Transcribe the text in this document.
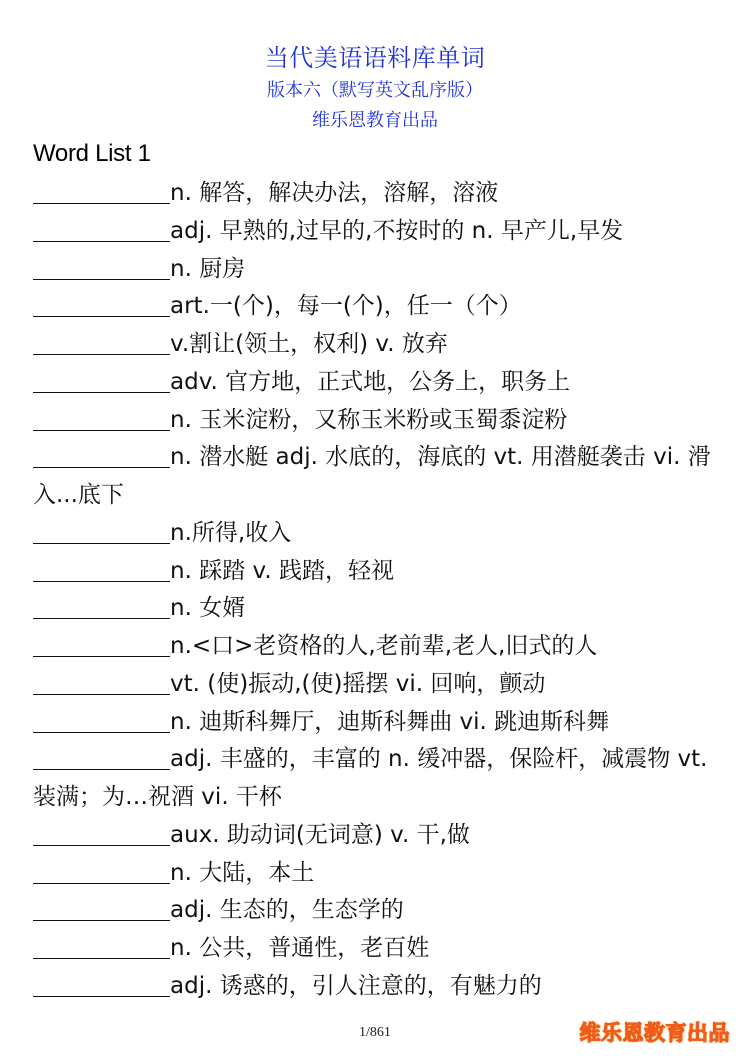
当代美语语料库单词
版本六（默写英文乱序版）
维乐恩教育出品
Word List 1
n. 解答，解决办法，溶解，溶液
adj. 早熟的,过早的,不按时的 n. 早产儿,早发
n. 厨房
art.一(个)，每一(个)，任一（个）
v.割让(领土，权利) v. 放弃
adv. 官方地，正式地，公务上，职务上
n. 玉米淀粉，又称玉米粉或玉蜀黍淀粉
n. 潜水艇 adj. 水底的，海底的 vt. 用潜艇袭击 vi. 滑入...底下
n.所得,收入
n. 踩踏 v. 践踏，轻视
n. 女婿
n.<口>老资格的人,老前辈,老人,旧式的人
vt. (使)振动,(使)摇摆 vi. 回响，颤动
n. 迪斯科舞厅，迪斯科舞曲 vi. 跳迪斯科舞
adj. 丰盛的，丰富的 n. 缓冲器，保险杆，减震物 vt. 装满；为…祝酒 vi. 干杯
aux. 助动词(无词意) v. 干,做
n. 大陆，本土
adj. 生态的，生态学的
n. 公共，普通性，老百姓
adj. 诱惑的，引人注意的，有魅力的
1/861	维乐恩教育出品
